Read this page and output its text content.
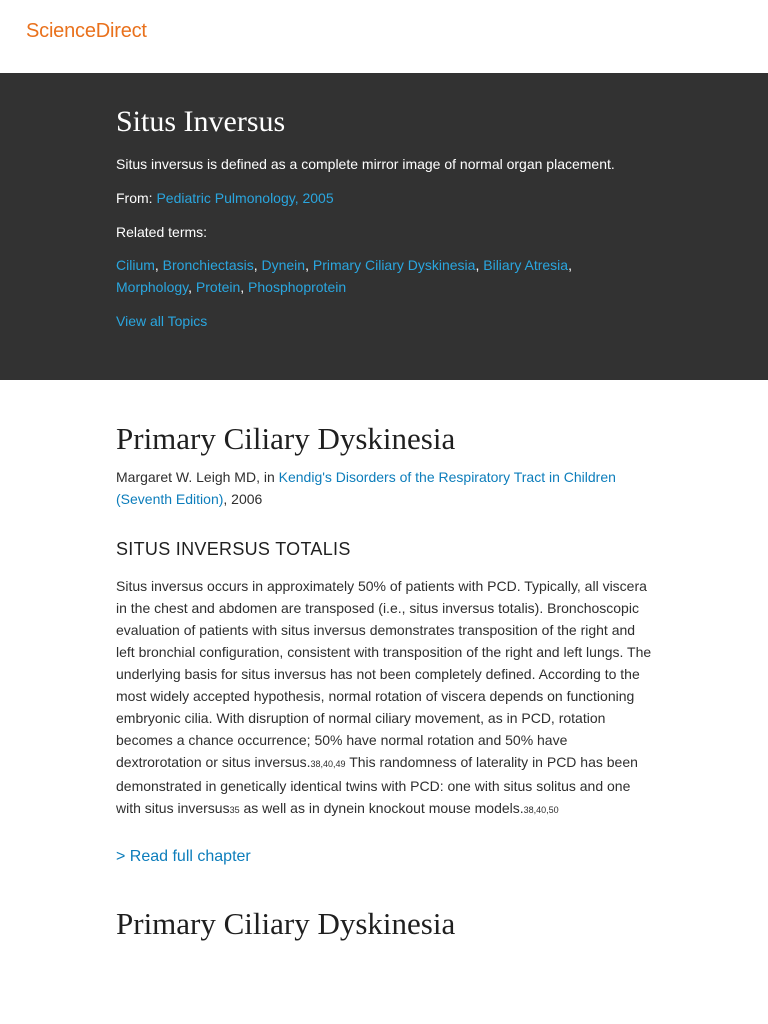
ScienceDirect
Situs Inversus

Situs inversus is defined as a complete mirror image of normal organ placement.

From: Pediatric Pulmonology, 2005

Related terms:

Cilium, Bronchiectasis, Dynein, Primary Ciliary Dyskinesia, Biliary Atresia, Morphology, Protein, Phosphoprotein
View all Topics
Primary Ciliary Dyskinesia

Margaret W. Leigh MD, in Kendig's Disorders of the Respiratory Tract in Children (Seventh Edition), 2006

SITUS INVERSUS TOTALIS

Situs inversus occurs in approximately 50% of patients with PCD. Typically, all viscera in the chest and abdomen are transposed (i.e., situs inversus totalis). Bronchoscopic evaluation of patients with situs inversus demonstrates transposition of the right and left bronchial configuration, consistent with transposition of the right and left lungs. The underlying basis for situs inversus has not been completely defined. According to the most widely accepted hypothesis, normal rotation of viscera depends on functioning embryonic cilia. With disruption of normal ciliary movement, as in PCD, rotation becomes a chance occurrence; 50% have normal rotation and 50% have dextrorotation or situs inversus.38,40,49 This randomness of laterality in PCD has been demonstrated in genetically identical twins with PCD: one with situs solitus and one with situs inversus35 as well as in dynein knockout mouse models.38,40,50

> Read full chapter
Primary Ciliary Dyskinesia
